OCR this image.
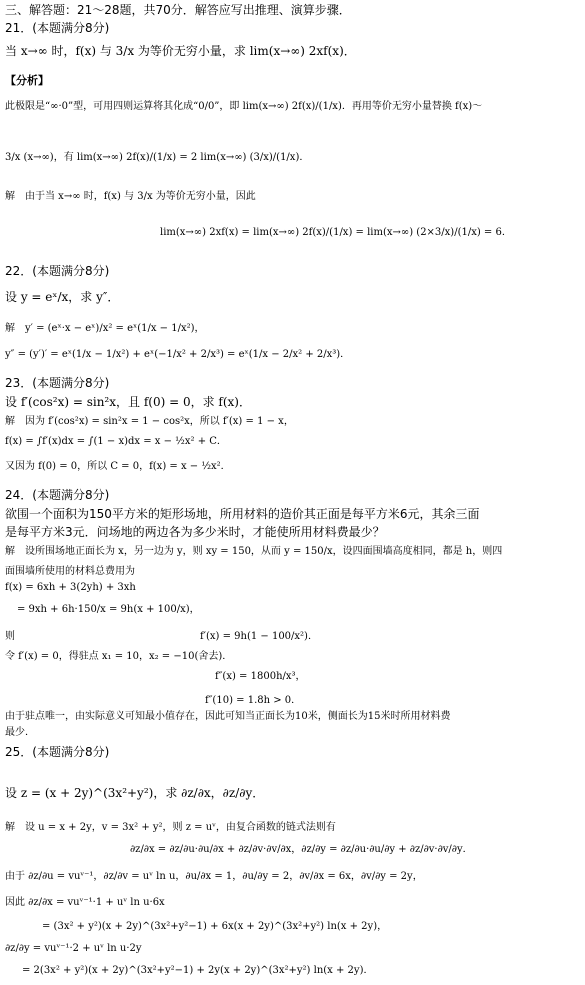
三、解答题：21～28题，共70分．解答应写出推理、演算步骤．
21．(本题满分8分)
当 x→∞ 时，f(x) 与 3/x 为等价无穷小量，求 lim(x→∞) 2xf(x)．
【分析】
此极限是“∞·0”型，可用四则运算将其化成“0/0”，即 lim(x→∞) 2f(x)/(1/x)．再用等价无穷小量替换 f(x)～
3/x (x→∞)，有 lim(x→∞) 2f(x)/(1/x) = 2 lim(x→∞) (3/x)/(1/x)．
解　由于当 x→∞ 时，f(x) 与 3/x 为等价无穷小量，因此
lim(x→∞) 2xf(x) = lim(x→∞) 2f(x)/(1/x) = lim(x→∞) (2×3/x)/(1/x) = 6．
22．(本题满分8分)
设 y = eˣ/x，求 y″．
解　y′ = (eˣ·x − eˣ)/x² = eˣ(1/x − 1/x²)，
y″ = (y′)′ = eˣ(1/x − 1/x²) + eˣ(−1/x² + 2/x³) = eˣ(1/x − 2/x² + 2/x³)．
23．(本题满分8分)
设 f′(cos²x) = sin²x，且 f(0) = 0，求 f(x)．
解　因为 f′(cos²x) = sin²x = 1 − cos²x，所以 f′(x) = 1 − x，
f(x) = ∫f′(x)dx = ∫(1 − x)dx = x − ½x² + C．
又因为 f(0) = 0，所以 C = 0，f(x) = x − ½x²．
24．(本题满分8分)
欲围一个面积为150平方米的矩形场地，所用材料的造价其正面是每平方米6元，其余三面
是每平方米3元．问场地的两边各为多少米时，才能使所用材料费最少？
解　设所围场地正面长为 x，另一边为 y，则 xy = 150，从而 y = 150/x，设四面围墙高度相同，都是 h，则四
面围墙所使用的材料总费用为
f(x) = 6xh + 3(2yh) + 3xh
= 9xh + 6h·150/x = 9h(x + 100/x)，
则	f′(x) = 9h(1 − 100/x²)．
令 f′(x) = 0，得驻点 x₁ = 10，x₂ = −10(舍去)．
f″(x) = 1800h/x³，
f″(10) = 1.8h > 0．
由于驻点唯一，由实际意义可知最小值存在，因此可知当正面长为10米，侧面长为15米时所用材料费
最少．
25．(本题满分8分)
设 z = (x + 2y)^(3x²+y²)，求 ∂z/∂x，∂z/∂y．
解　设 u = x + 2y，v = 3x² + y²，则 z = uᵛ，由复合函数的链式法则有
∂z/∂x = ∂z/∂u·∂u/∂x + ∂z/∂v·∂v/∂x，∂z/∂y = ∂z/∂u·∂u/∂y + ∂z/∂v·∂v/∂y．
由于 ∂z/∂u = vuᵛ⁻¹，∂z/∂v = uᵛ ln u，∂u/∂x = 1，∂u/∂y = 2，∂v/∂x = 6x，∂v/∂y = 2y，
因此 ∂z/∂x = vuᵛ⁻¹·1 + uᵛ ln u·6x
= (3x² + y²)(x + 2y)^(3x²+y²−1) + 6x(x + 2y)^(3x²+y²) ln(x + 2y)，
∂z/∂y = vuᵛ⁻¹·2 + uᵛ ln u·2y
= 2(3x² + y²)(x + 2y)^(3x²+y²−1) + 2y(x + 2y)^(3x²+y²) ln(x + 2y)．
